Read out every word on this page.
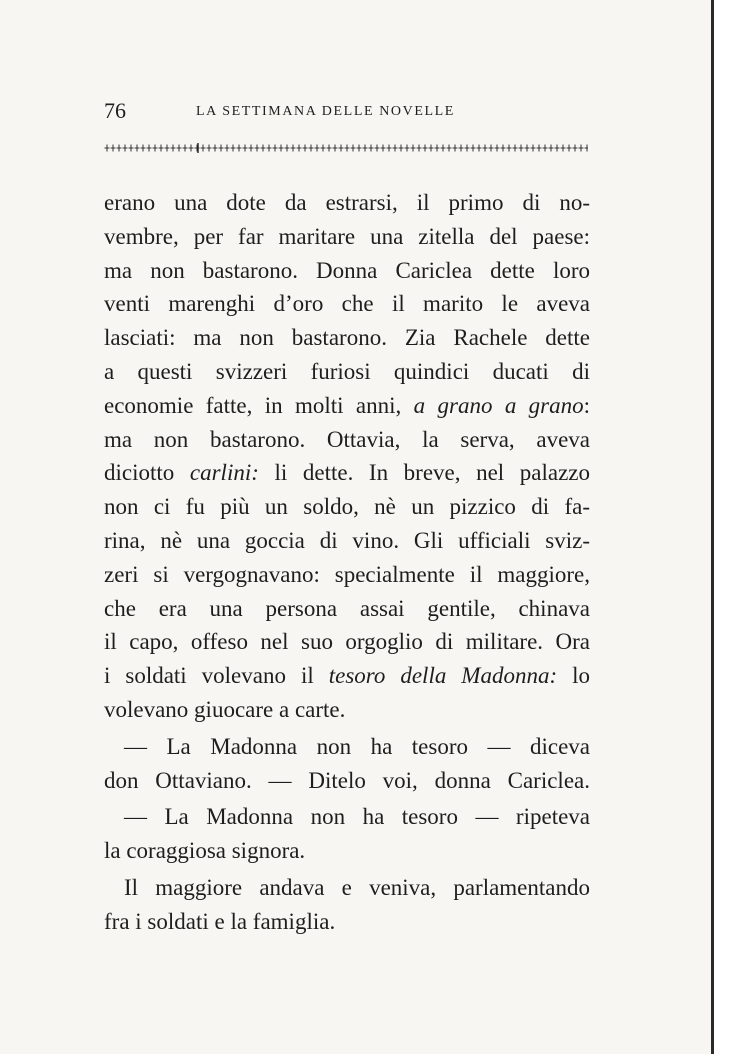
76	LA SETTIMANA DELLE NOVELLE
erano una dote da estrarsi, il primo di no-
vembre, per far maritare una zitella del paese:
ma non bastarono. Donna Cariclea dette loro
venti marenghi d’oro che il marito le aveva
lasciati: ma non bastarono. Zia Rachele dette
a questi svizzeri furiosi quindici ducati di
economie fatte, in molti anni, a grano a grano:
ma non bastarono. Ottavia, la serva, aveva
diciotto carlini: li dette. In breve, nel palazzo
non ci fu più un soldo, nè un pizzico di fa-
rina, nè una goccia di vino. Gli ufficiali sviz-
zeri si vergognavano: specialmente il maggiore,
che era una persona assai gentile, chinava
il capo, offeso nel suo orgoglio di militare. Ora
i soldati volevano il tesoro della Madonna: lo
volevano giuocare a carte.
— La Madonna non ha tesoro — diceva
don Ottaviano. — Ditelo voi, donna Cariclea.
— La Madonna non ha tesoro — ripeteva
la coraggiosa signora.
Il maggiore andava e veniva, parlamentando
fra i soldati e la famiglia.
